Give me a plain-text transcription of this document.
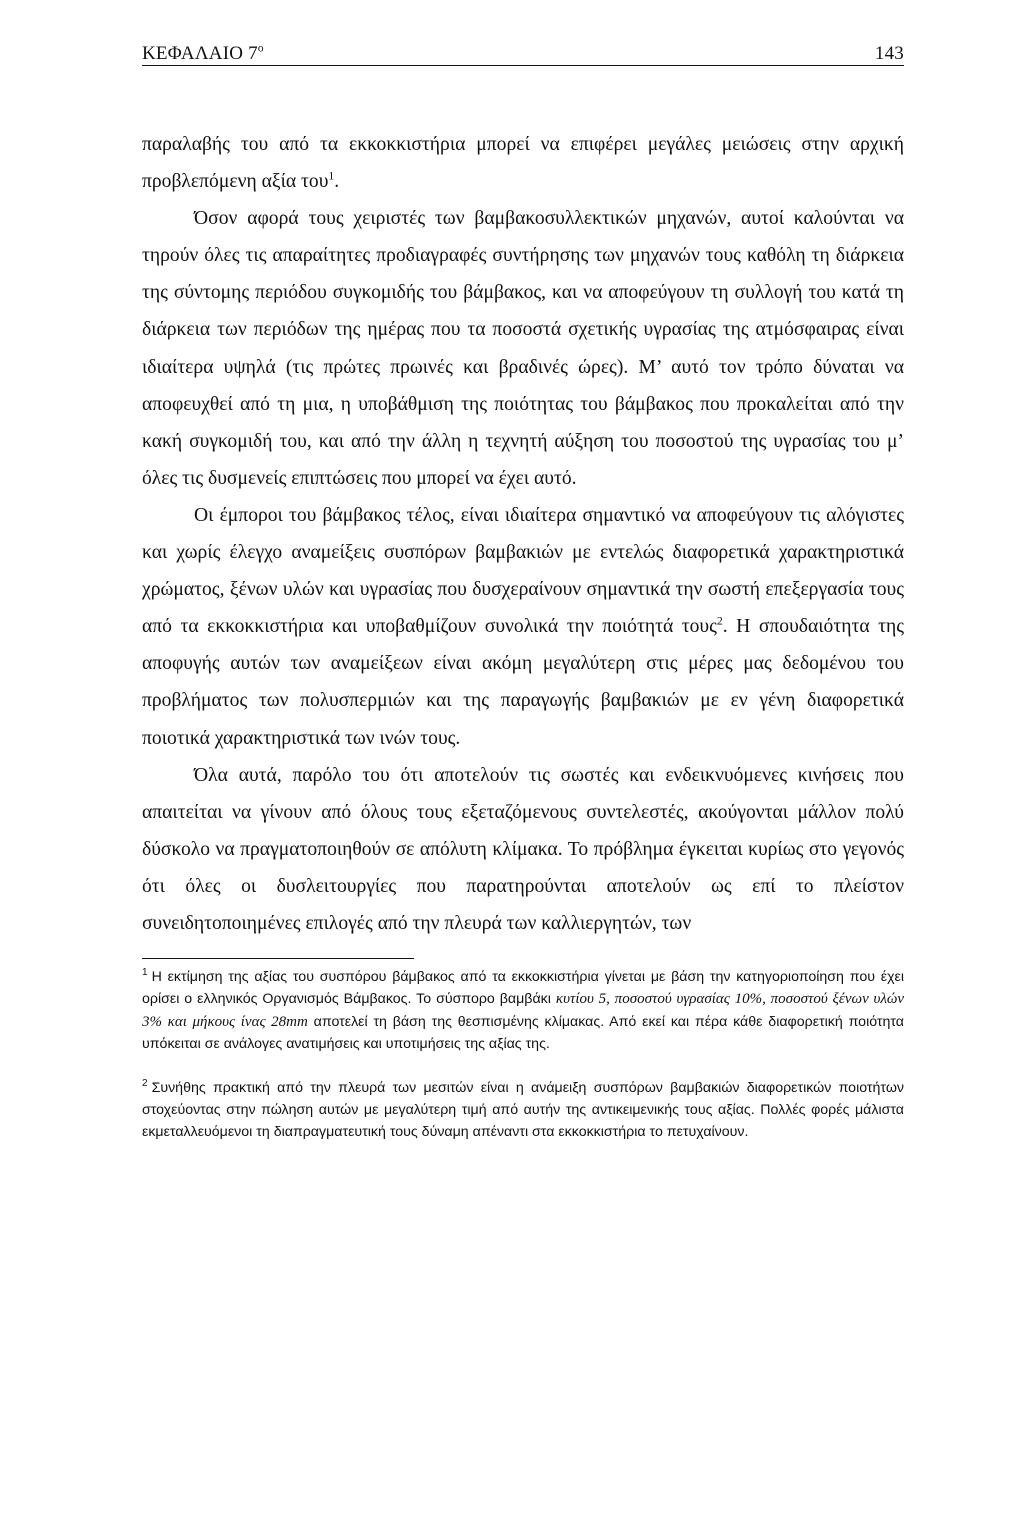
ΚΕΦΑΛΑΙΟ $7^o$	143

παραλαβής του από τα εκκοκκιστήρια μπορεί να επιφέρει μεγάλες μειώσεις στην αρχική προβλεπόμενη αξία του$^1$.

Όσον αφορά τους χειριστές των βαμβακοσυλλεκτικών μηχανών, αυτοί καλούνται να τηρούν όλες τις απαραίτητες προδιαγραφές συντήρησης των μηχανών τους καθόλη τη διάρκεια της σύντομης περιόδου συγκομιδής του βάμβακος, και να αποφεύγουν τη συλλογή του κατά τη διάρκεια των περιόδων της ημέρας που τα ποσοστά σχετικής υγρασίας της ατμόσφαιρας είναι ιδιαίτερα υψηλά (τις πρώτες πρωινές και βραδινές ώρες). Μ’ αυτό τον τρόπο δύναται να αποφευχθεί από τη μια, η υποβάθμιση της ποιότητας του βάμβακος που προκαλείται από την κακή συγκομιδή του, και από την άλλη η τεχνητή αύξηση του ποσοστού της υγρασίας του μ’ όλες τις δυσμενείς επιπτώσεις που μπορεί να έχει αυτό.

Οι έμποροι του βάμβακος τέλος, είναι ιδιαίτερα σημαντικό να αποφεύγουν τις αλόγιστες και χωρίς έλεγχο αναμείξεις συσπόρων βαμβακιών με εντελώς διαφορετικά χαρακτηριστικά χρώματος, ξένων υλών και υγρασίας που δυσχεραίνουν σημαντικά την σωστή επεξεργασία τους από τα εκκοκκιστήρια και υποβαθμίζουν συνολικά την ποιότητά τους$^2$. Η σπουδαιότητα της αποφυγής αυτών των αναμείξεων είναι ακόμη μεγαλύτερη στις μέρες μας δεδομένου του προβλήματος των πολυσπερμιών και της παραγωγής βαμβακιών με εν γένη διαφορετικά ποιοτικά χαρακτηριστικά των ινών τους.

Όλα αυτά, παρόλο του ότι αποτελούν τις σωστές και ενδεικνυόμενες κινήσεις που απαιτείται να γίνουν από όλους τους εξεταζόμενους συντελεστές, ακούγονται μάλλον πολύ δύσκολο να πραγματοποιηθούν σε απόλυτη κλίμακα. Το πρόβλημα έγκειται κυρίως στο γεγονός ότι όλες οι δυσλειτουργίες που παρατηρούνται αποτελούν ως επί το πλείστον συνειδητοποιημένες επιλογές από την πλευρά των καλλιεργητών, των

$^1$ Η εκτίμηση της αξίας του συσπόρου βάμβακος από τα εκκοκκιστήρια γίνεται με βάση την κατηγοριοποίηση που έχει ορίσει ο ελληνικός Οργανισμός Βάμβακος. Το σύσπορο βαμβάκι κυτίου 5, ποσοστού υγρασίας 10%, ποσοστού ξένων υλών 3% και μήκους ίνας 28mm αποτελεί τη βάση της θεσπισμένης κλίμακας. Από εκεί και πέρα κάθε διαφορετική ποιότητα υπόκειται σε ανάλογες ανατιμήσεις και υποτιμήσεις της αξίας της.

$^2$ Συνήθης πρακτική από την πλευρά των μεσιτών είναι η ανάμειξη συσπόρων βαμβακιών διαφορετικών ποιοτήτων στοχεύοντας στην πώληση αυτών με μεγαλύτερη τιμή από αυτήν της αντικειμενικής τους αξίας. Πολλές φορές μάλιστα εκμεταλλευόμενοι τη διαπραγματευτική τους δύναμη απέναντι στα εκκοκκιστήρια το πετυχαίνουν.
